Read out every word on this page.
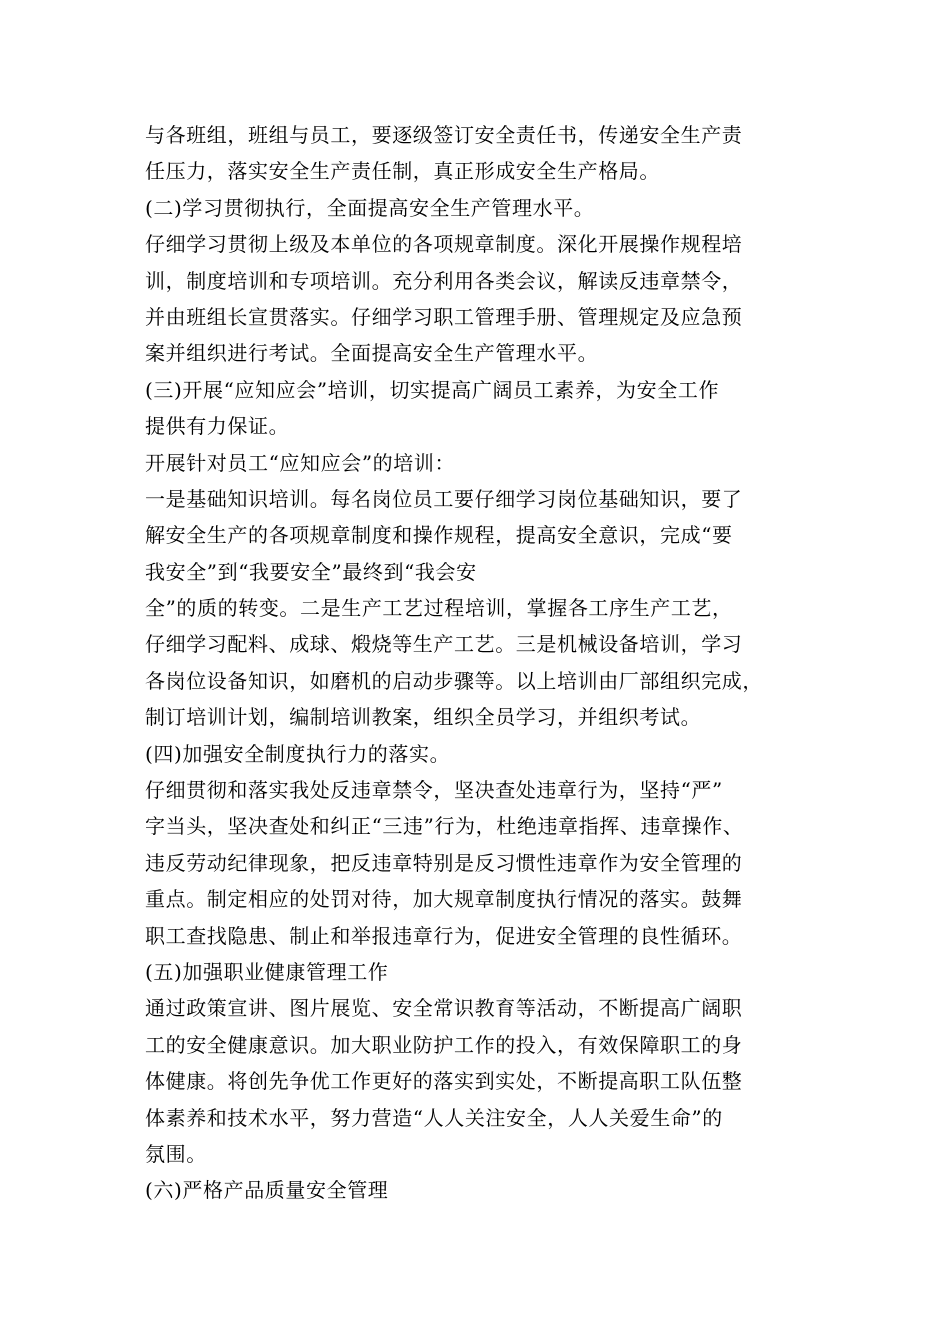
与各班组，班组与员工，要逐级签订安全责任书，传递安全生产责
任压力，落实安全生产责任制，真正形成安全生产格局。
(二)学习贯彻执行，全面提高安全生产管理水平。
仔细学习贯彻上级及本单位的各项规章制度。深化开展操作规程培
训，制度培训和专项培训。充分利用各类会议，解读反违章禁令，
并由班组长宣贯落实。仔细学习职工管理手册、管理规定及应急预
案并组织进行考试。全面提高安全生产管理水平。
(三)开展“应知应会”培训，切实提高广阔员工素养，为安全工作
提供有力保证。
开展针对员工“应知应会”的培训：
一是基础知识培训。每名岗位员工要仔细学习岗位基础知识，要了
解安全生产的各项规章制度和操作规程，提高安全意识，完成“要
我安全”到“我要安全”最终到“我会安
全”的质的转变。二是生产工艺过程培训，掌握各工序生产工艺，
仔细学习配料、成球、煅烧等生产工艺。三是机械设备培训，学习
各岗位设备知识，如磨机的启动步骤等。以上培训由厂部组织完成，
制订培训计划，编制培训教案，组织全员学习，并组织考试。
(四)加强安全制度执行力的落实。
仔细贯彻和落实我处反违章禁令，坚决查处违章行为，坚持“严”
字当头，坚决查处和纠正“三违”行为，杜绝违章指挥、违章操作、
违反劳动纪律现象，把反违章特别是反习惯性违章作为安全管理的
重点。制定相应的处罚对待，加大规章制度执行情况的落实。鼓舞
职工查找隐患、制止和举报违章行为，促进安全管理的良性循环。
(五)加强职业健康管理工作
通过政策宣讲、图片展览、安全常识教育等活动，不断提高广阔职
工的安全健康意识。加大职业防护工作的投入，有效保障职工的身
体健康。将创先争优工作更好的落实到实处，不断提高职工队伍整
体素养和技术水平，努力营造“人人关注安全，人人关爱生命”的
氛围。
(六)严格产品质量安全管理
